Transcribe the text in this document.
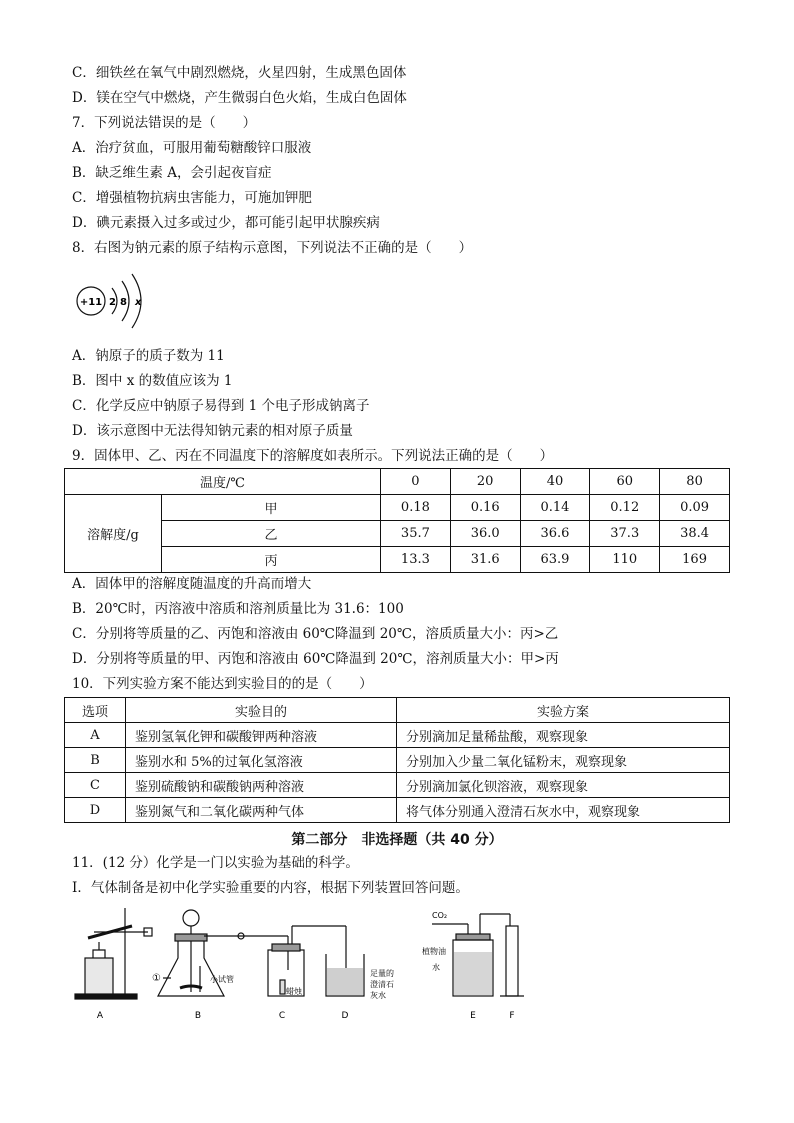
C．细铁丝在氧气中剧烈燃烧，火星四射，生成黑色固体
D．镁在空气中燃烧，产生微弱白色火焰，生成白色固体
7．下列说法错误的是（　　）
A．治疗贫血，可服用葡萄糖酸锌口服液
B．缺乏维生素 A，会引起夜盲症
C．增强植物抗病虫害能力，可施加钾肥
D．碘元素摄入过多或过少，都可能引起甲状腺疾病
8．右图为钠元素的原子结构示意图，下列说法不正确的是（　　）
+11 2 8 x
A．钠原子的质子数为 11
B．图中 x 的数值应该为 1
C．化学反应中钠原子易得到 1 个电子形成钠离子
D．该示意图中无法得知钠元素的相对原子质量
9．固体甲、乙、丙在不同温度下的溶解度如表所示。下列说法正确的是（　　）
温度/℃		0	20	40	60	80
溶解度/g	甲	0.18	0.16	0.14	0.12	0.09
	乙	35.7	36.0	36.6	37.3	38.4
	丙	13.3	31.6	63.9	110	169
A．固体甲的溶解度随温度的升高而增大
B．20℃时，丙溶液中溶质和溶剂质量比为 31.6：100
C．分别将等质量的乙、丙饱和溶液由 60℃降温到 20℃，溶质质量大小：丙>乙
D．分别将等质量的甲、丙饱和溶液由 60℃降温到 20℃，溶剂质量大小：甲>丙
10．下列实验方案不能达到实验目的的是（　　）
选项	实验目的	实验方案
A	鉴别氢氧化钾和碳酸钾两种溶液	分别滴加足量稀盐酸，观察现象
B	鉴别水和 5%的过氧化氢溶液	分别加入少量二氧化锰粉末，观察现象
C	鉴别硫酸钠和碳酸钠两种溶液	分别滴加氯化钡溶液，观察现象
D	鉴别氮气和二氧化碳两种气体	将气体分别通入澄清石灰水中，观察现象
第二部分　非选择题（共 40 分）
11．(12 分）化学是一门以实验为基础的科学。
Ⅰ．气体制备是初中化学实验重要的内容，根据下列装置回答问题。
A
①	小试管
B
蜡烛
C
足量的
澄清石
灰水
D
CO₂
植物油
水
E	F
